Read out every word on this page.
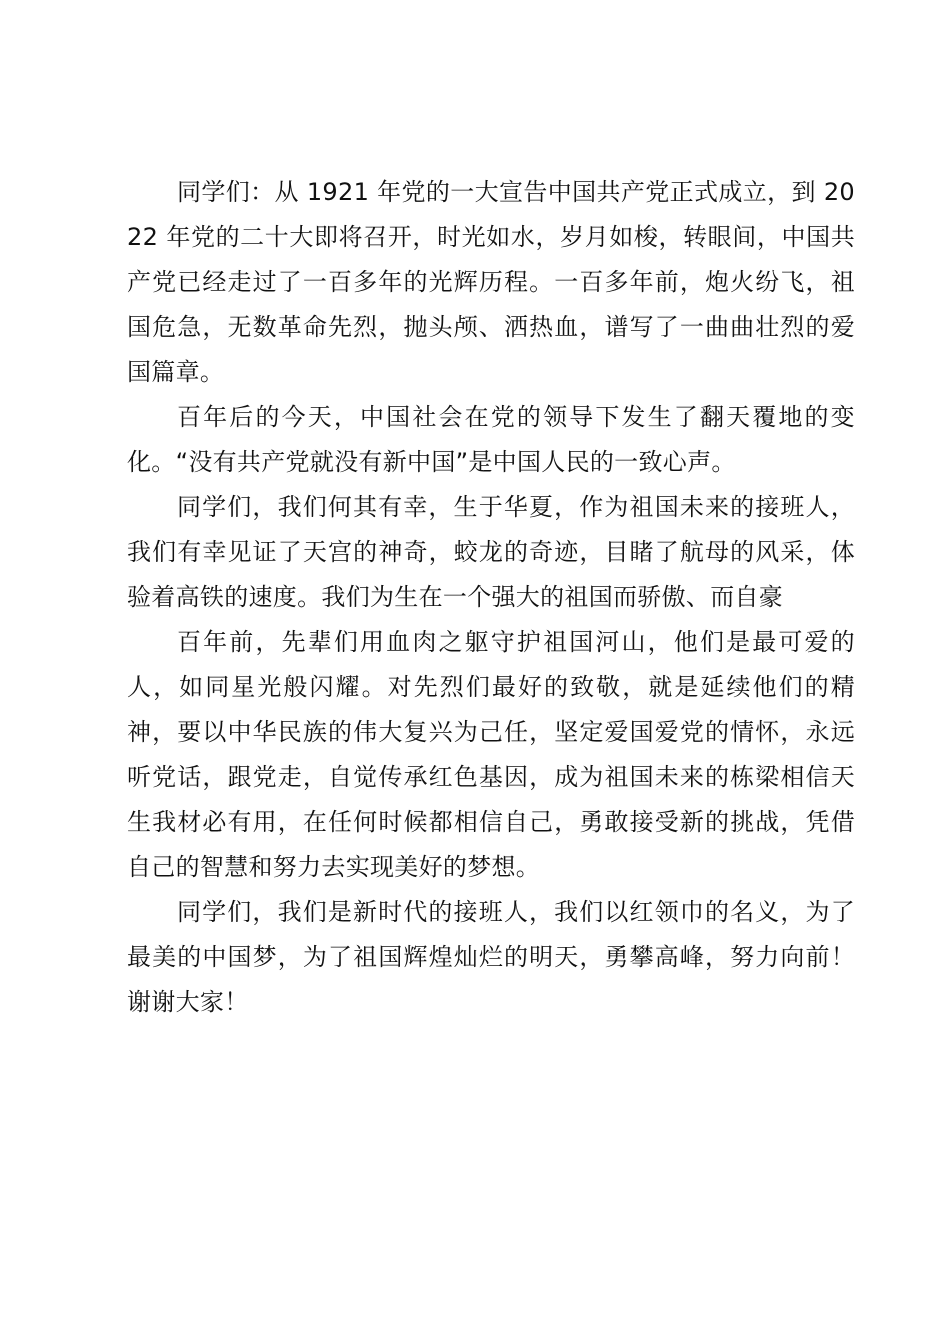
同学们：从 1921 年党的一大宣告中国共产党正式成立，到 2022 年党的二十大即将召开，时光如水，岁月如梭，转眼间，中国共产党已经走过了一百多年的光辉历程。一百多年前，炮火纷飞，祖国危急，无数革命先烈，抛头颅、洒热血，谱写了一曲曲壮烈的爱国篇章。

百年后的今天，中国社会在党的领导下发生了翻天覆地的变化。“没有共产党就没有新中国”是中国人民的一致心声。

同学们，我们何其有幸，生于华夏，作为祖国未来的接班人，我们有幸见证了天宫的神奇，蛟龙的奇迹，目睹了航母的风采，体验着高铁的速度。我们为生在一个强大的祖国而骄傲、而自豪

百年前，先辈们用血肉之躯守护祖国河山，他们是最可爱的人，如同星光般闪耀。对先烈们最好的致敬，就是延续他们的精神，要以中华民族的伟大复兴为己任，坚定爱国爱党的情怀，永远听党话，跟党走，自觉传承红色基因，成为祖国未来的栋梁相信天生我材必有用，在任何时候都相信自己，勇敢接受新的挑战，凭借自己的智慧和努力去实现美好的梦想。

同学们，我们是新时代的接班人，我们以红领巾的名义，为了最美的中国梦，为了祖国辉煌灿烂的明天，勇攀高峰，努力向前！谢谢大家！
